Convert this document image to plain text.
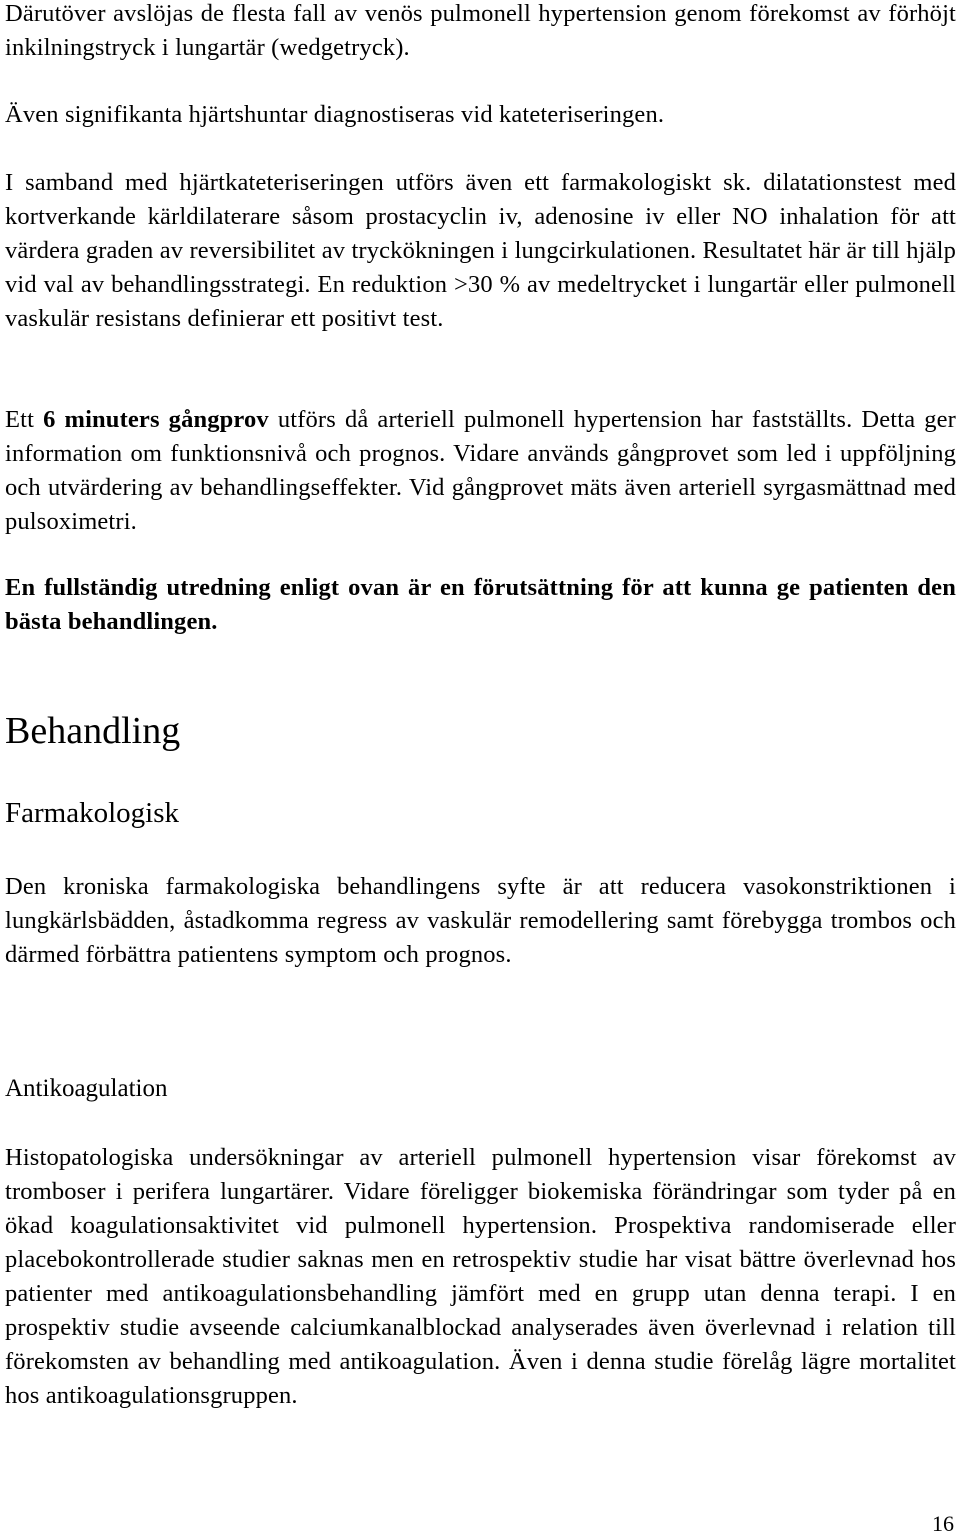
Därutöver avslöjas de flesta fall av venös pulmonell hypertension genom förekomst av förhöjt inkilningstryck i lungartär (wedgetryck).

Även signifikanta hjärtshuntar diagnostiseras vid kateteriseringen.

I samband med hjärtkateteriseringen utförs även ett farmakologiskt sk. dilatationstest med kortverkande kärldilaterare såsom prostacyclin iv, adenosine iv eller NO inhalation för att värdera graden av reversibilitet av tryckökningen i lungcirkulationen. Resultatet här är till hjälp vid val av behandlingsstrategi. En reduktion >30 % av medeltrycket i lungartär eller pulmonell vaskulär resistans definierar ett positivt test.

Ett 6 minuters gångprov utförs då arteriell pulmonell hypertension har fastställts. Detta ger information om funktionsnivå och prognos. Vidare används gångprovet som led i uppföljning och utvärdering av behandlingseffekter. Vid gångprovet mäts även arteriell syrgasmättnad med pulsoximetri.

En fullständig utredning enligt ovan är en förutsättning för att kunna ge patienten den bästa behandlingen.

Behandling
Farmakologisk

Den kroniska farmakologiska behandlingens syfte är att reducera vasokonstriktionen i lungkärlsbädden, åstadkomma regress av vaskulär remodellering samt förebygga trombos och därmed förbättra patientens symptom och prognos.

Antikoagulation

Histopatologiska undersökningar av arteriell pulmonell hypertension visar förekomst av tromboser i perifera lungartärer. Vidare föreligger biokemiska förändringar som tyder på en ökad koagulationsaktivitet vid pulmonell hypertension. Prospektiva randomiserade eller placebokontrollerade studier saknas men en retrospektiv studie har visat bättre överlevnad hos patienter med antikoagulationsbehandling jämfört med en grupp utan denna terapi. I en prospektiv studie avseende calciumkanalblockad analyserades även överlevnad i relation till förekomsten av behandling med antikoagulation. Även i denna studie förelåg lägre mortalitet hos antikoagulationsgruppen.

16
